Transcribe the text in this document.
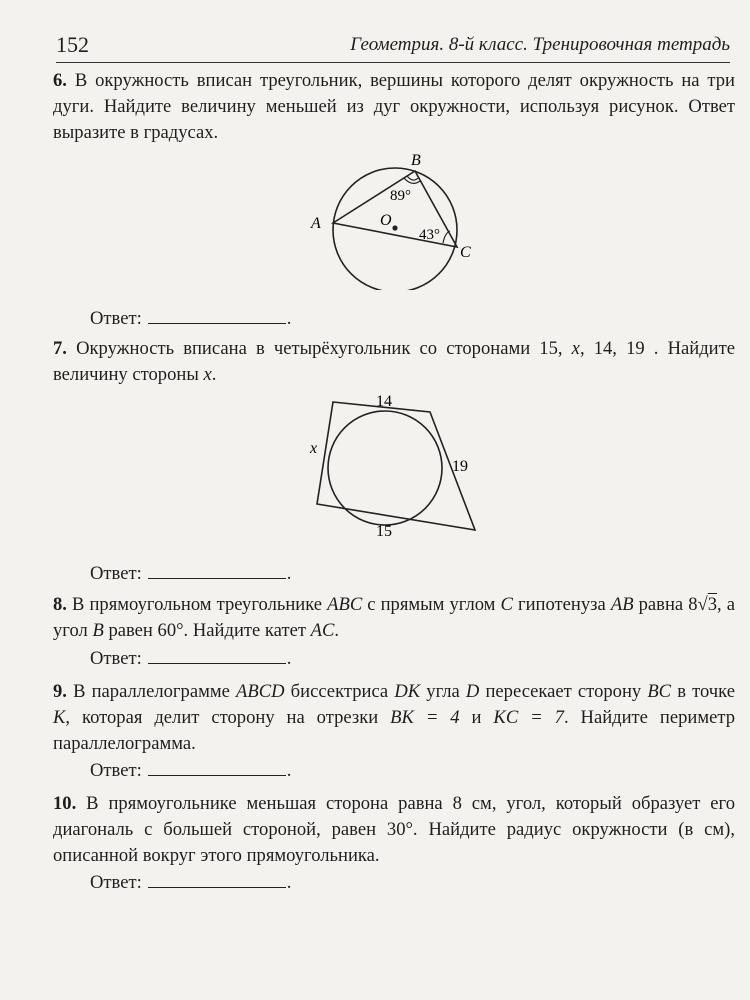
152	Геометрия. 8-й класс. Тренировочная тетрадь
6. В окружность вписан треугольник, вершины которого делят окружность на три дуги. Найдите величину меньшей из дуг окружности, используя рисунок. Ответ выразите в градусах.
A
B
C
O
89°
43°
Ответ:	.
7. Окружность вписана в четырёхугольник со сторонами 15, x, 14, 19 . Найдите величину стороны x.
14
x
19
15
Ответ:	.
8. В прямоугольном треугольнике ABC с прямым углом C гипотенуза AB равна 8√3, а угол B равен 60°. Найдите катет AC.
Ответ:	.
9. В параллелограмме ABCD биссектриса DK угла D пересекает сторону BC в точке K, которая делит сторону на отрезки BK = 4 и KC = 7. Найдите периметр параллелограмма.
Ответ:	.
10. В прямоугольнике меньшая сторона равна 8 см, угол, который образует его диагональ с большей стороной, равен 30°. Найдите радиус окружности (в см), описанной вокруг этого прямоугольника.
Ответ:	.
